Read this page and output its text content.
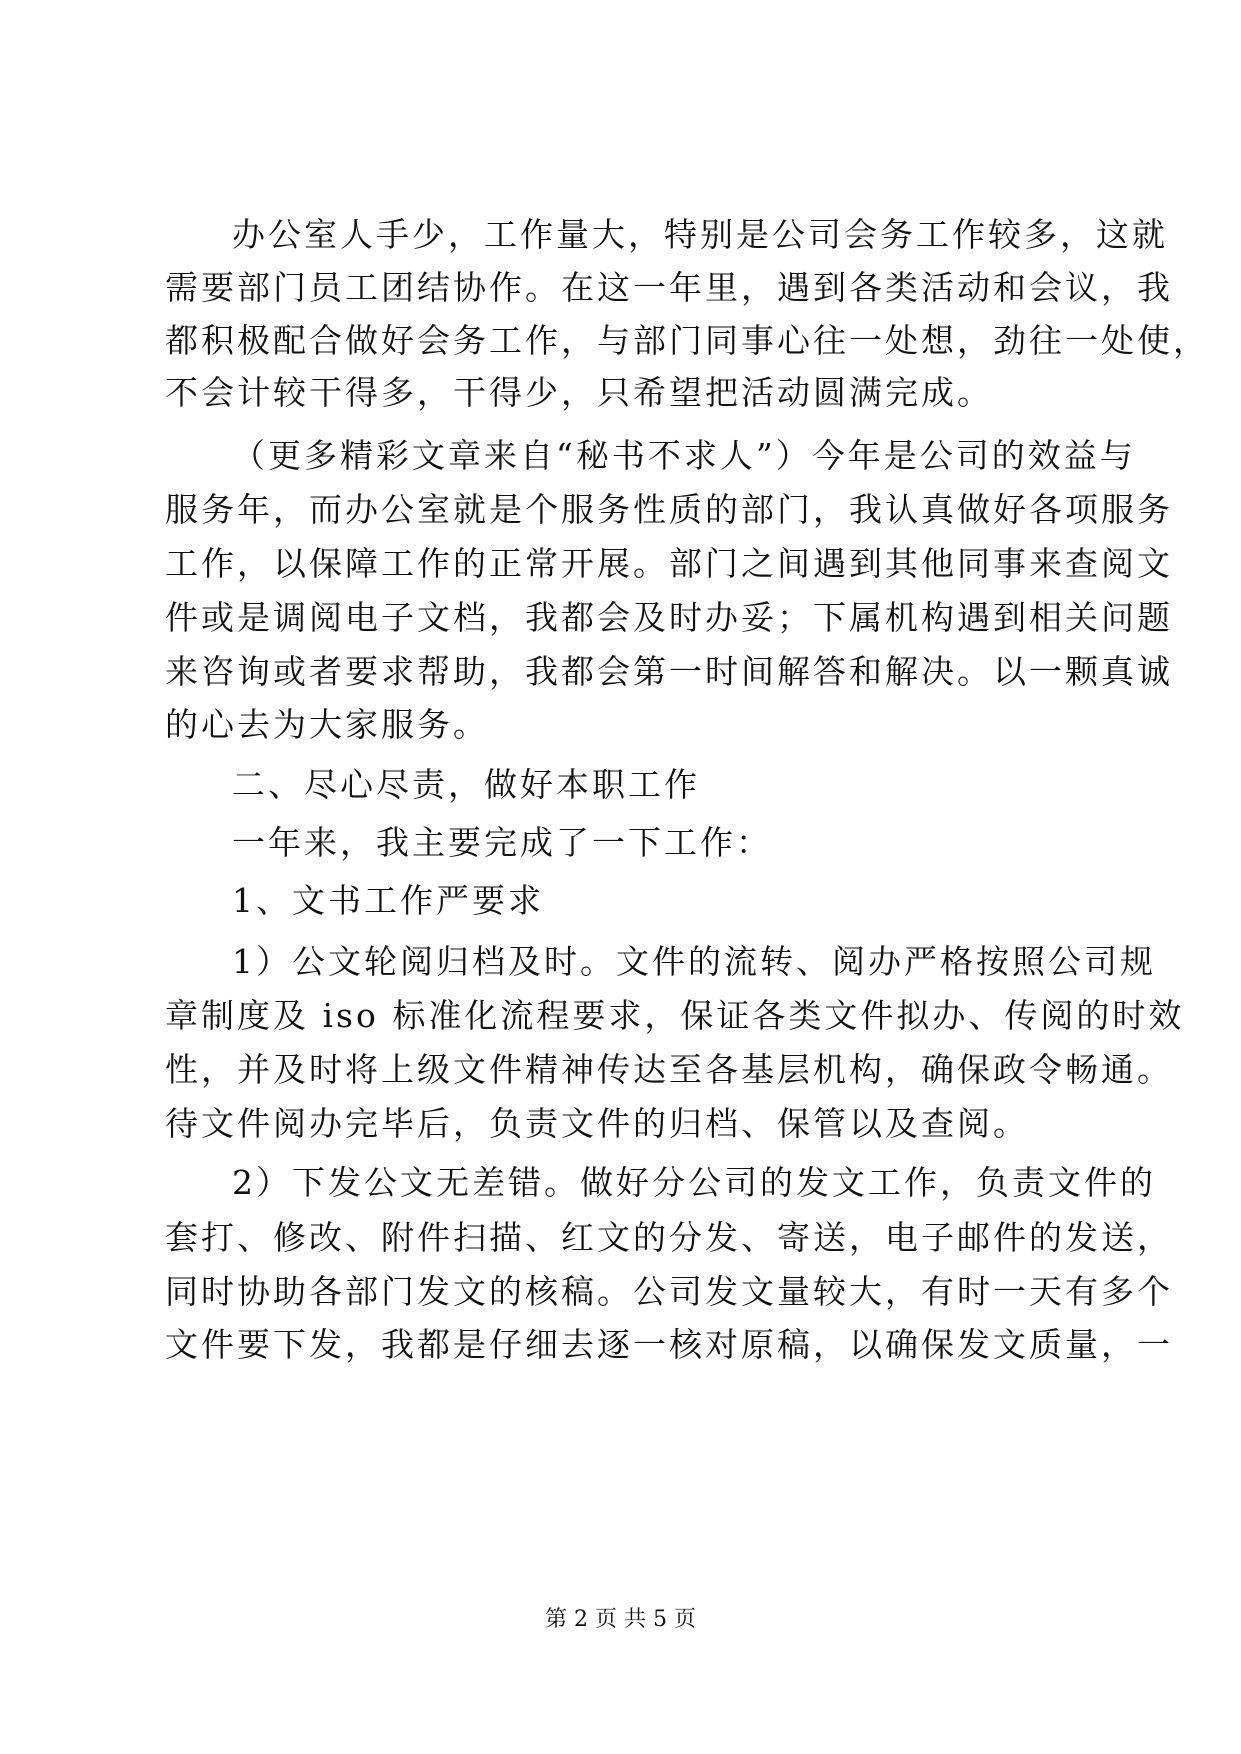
办公室人手少，工作量大，特别是公司会务工作较多，这就
需要部门员工团结协作。在这一年里，遇到各类活动和会议，我
都积极配合做好会务工作，与部门同事心往一处想，劲往一处使，
不会计较干得多，干得少，只希望把活动圆满完成。
（更多精彩文章来自“秘书不求人”）今年是公司的效益与
服务年，而办公室就是个服务性质的部门，我认真做好各项服务
工作，以保障工作的正常开展。部门之间遇到其他同事来查阅文
件或是调阅电子文档，我都会及时办妥；下属机构遇到相关问题
来咨询或者要求帮助，我都会第一时间解答和解决。以一颗真诚
的心去为大家服务。
二、尽心尽责，做好本职工作
一年来，我主要完成了一下工作：
1、文书工作严要求
1）公文轮阅归档及时。文件的流转、阅办严格按照公司规
章制度及 iso 标准化流程要求，保证各类文件拟办、传阅的时效
性，并及时将上级文件精神传达至各基层机构，确保政令畅通。
待文件阅办完毕后，负责文件的归档、保管以及查阅。
2）下发公文无差错。做好分公司的发文工作，负责文件的
套打、修改、附件扫描、红文的分发、寄送，电子邮件的发送，
同时协助各部门发文的核稿。公司发文量较大，有时一天有多个
文件要下发，我都是仔细去逐一核对原稿，以确保发文质量，一
第 2 页 共 5 页
